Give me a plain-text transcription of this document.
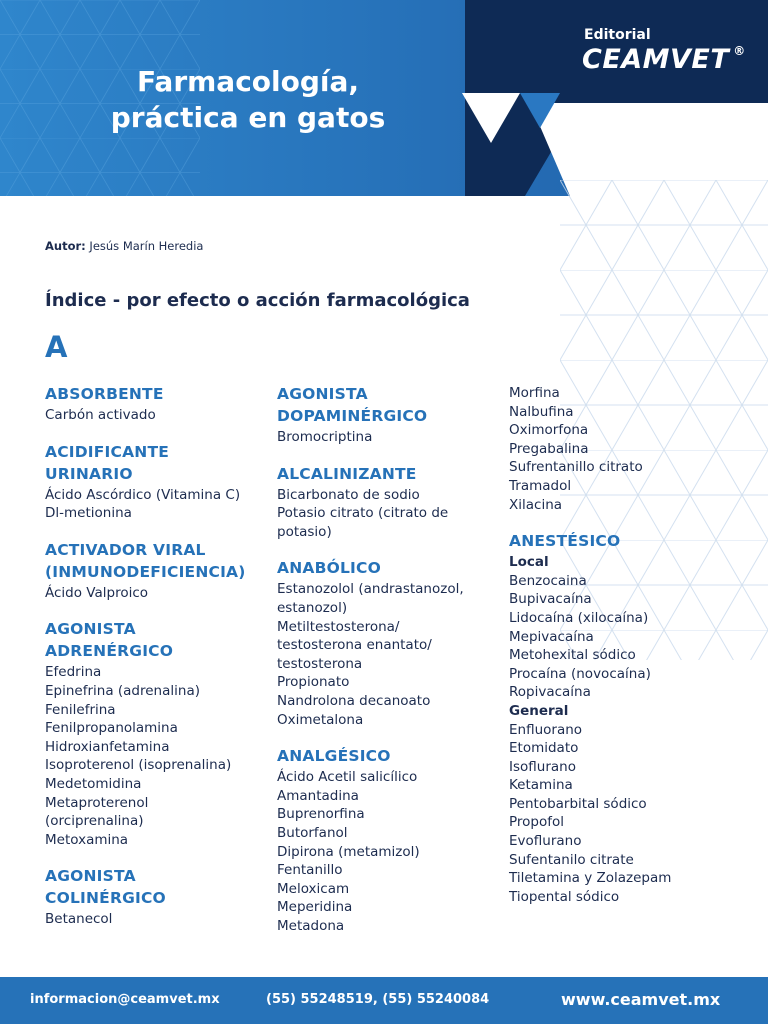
Farmacología,
práctica en gatos
Editorial
CEAMVET ®
Autor: Jesús Marín Heredia
Índice - por efecto o acción farmacológica
A
ABSORBENTE
Carbón activado
ACIDIFICANTE
URINARIO
Ácido Ascórdico (Vitamina C)
Dl-metionina
ACTIVADOR VIRAL
(INMUNODEFICIENCIA)
Ácido Valproico
AGONISTA
ADRENÉRGICO
Efedrina
Epinefrina (adrenalina)
Fenilefrina
Fenilpropanolamina
Hidroxianfetamina
Isoproterenol (isoprenalina)
Medetomidina
Metaproterenol
(orciprenalina)
Metoxamina
AGONISTA
COLINÉRGICO
Betanecol
AGONISTA
DOPAMINÉRGICO
Bromocriptina
ALCALINIZANTE
Bicarbonato de sodio
Potasio citrato (citrato de
potasio)
ANABÓLICO
Estanozolol (andrastanozol,
estanozol)
Metiltestosterona/
testosterona enantato/
testosterona
Propionato
Nandrolona decanoato
Oximetalona
ANALGÉSICO
Ácido Acetil salicílico
Amantadina
Buprenorfina
Butorfanol
Dipirona (metamizol)
Fentanillo
Meloxicam
Meperidina
Metadona
Morfina
Nalbufina
Oximorfona
Pregabalina
Sufrentanillo citrato
Tramadol
Xilacina
ANESTÉSICO
Local
Benzocaina
Bupivacaína
Lidocaína (xilocaína)
Mepivacaína
Metohexital sódico
Procaína (novocaína)
Ropivacaína
General
Enfluorano
Etomidato
Isoflurano
Ketamina
Pentobarbital sódico
Propofol
Evoflurano
Sufentanilo citrate
Tiletamina y Zolazepam
Tiopental sódico
informacion@ceamvet.mx	(55) 55248519, (55) 55240084	www.ceamvet.mx
